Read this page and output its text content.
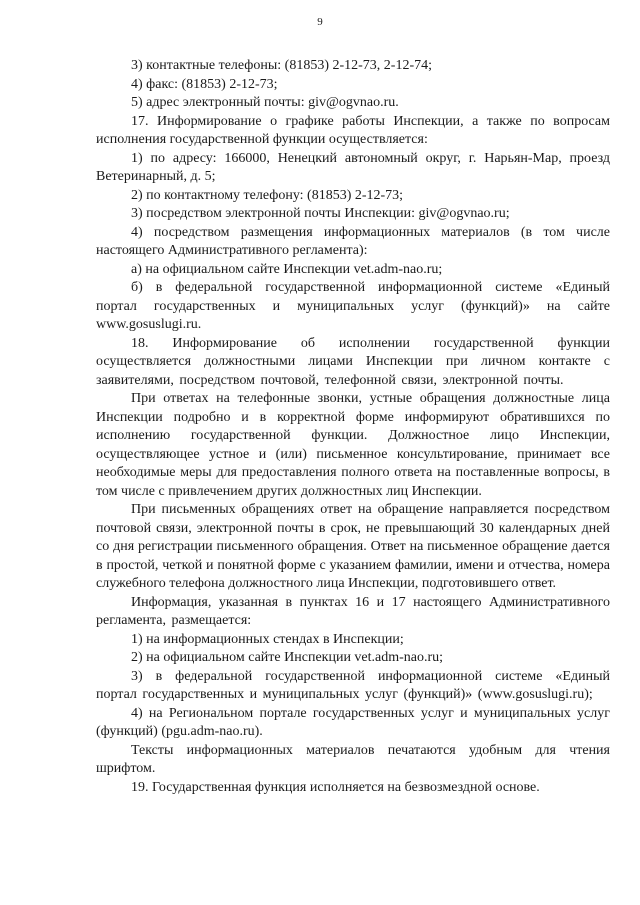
9

3) контактные телефоны: (81853) 2-12-73, 2-12-74;

4) факс: (81853) 2-12-73;

5) адрес электронный почты: giv@ogvnao.ru.

17. Информирование о графике работы Инспекции, а также по вопросам исполнения государственной функции осуществляется:

1) по адресу: 166000, Ненецкий автономный округ, г. Нарьян-Мар, проезд Ветеринарный, д. 5;

2) по контактному телефону: (81853) 2-12-73;

3) посредством электронной почты Инспекции: giv@ogvnao.ru;

4) посредством размещения информационных материалов (в том числе настоящего Административного регламента):

а) на официальном сайте Инспекции vet.adm-nao.ru;

б) в федеральной государственной информационной системе «Единый портал государственных и муниципальных услуг (функций)» на сайте www.gosuslugi.ru.

18. Информирование об исполнении государственной функции осуществляется должностными лицами Инспекции при личном контакте с заявителями, посредством почтовой, телефонной связи, электронной почты.

При ответах на телефонные звонки, устные обращения должностные лица Инспекции подробно и в корректной форме информируют обратившихся по исполнению государственной функции. Должностное лицо Инспекции, осуществляющее устное и (или) письменное консультирование, принимает все необходимые меры для предоставления полного ответа на поставленные вопросы, в том числе с привлечением других должностных лиц Инспекции.

При письменных обращениях ответ на обращение направляется посредством почтовой связи, электронной почты в срок, не превышающий 30 календарных дней со дня регистрации письменного обращения. Ответ на письменное обращение дается в простой, четкой и понятной форме с указанием фамилии, имени и отчества, номера служебного телефона должностного лица Инспекции, подготовившего ответ.

Информация, указанная в пунктах 16 и 17 настоящего Административного регламента, размещается:

1) на информационных стендах в Инспекции;

2) на официальном сайте Инспекции vet.adm-nao.ru;

3) в федеральной государственной информационной системе «Единый портал государственных и муниципальных услуг (функций)» (www.gosuslugi.ru);

4) на Региональном портале государственных услуг и муниципальных услуг (функций) (pgu.adm-nao.ru).

Тексты информационных материалов печатаются удобным для чтения шрифтом.

19. Государственная функция исполняется на безвозмездной основе.
